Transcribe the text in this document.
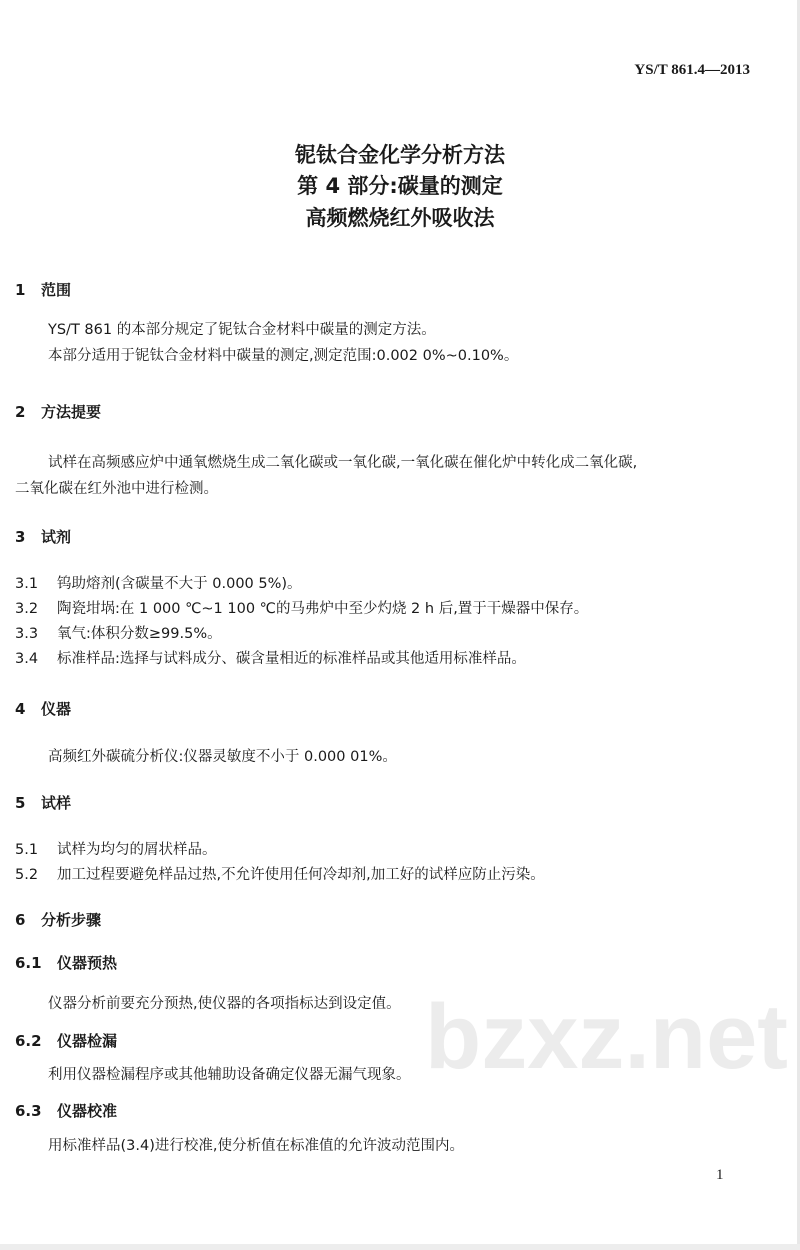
YS/T 861.4—2013
铌钛合金化学分析方法
第 4 部分:碳量的测定
高频燃烧红外吸收法
1 范围
YS/T 861 的本部分规定了铌钛合金材料中碳量的测定方法。
本部分适用于铌钛合金材料中碳量的测定,测定范围:0.002 0%~0.10%。
2 方法提要
试样在高频感应炉中通氧燃烧生成二氧化碳或一氧化碳,一氧化碳在催化炉中转化成二氧化碳,
二氧化碳在红外池中进行检测。
3 试剂
3.1 钨助熔剂(含碳量不大于 0.000 5%)。
3.2 陶瓷坩埚:在 1 000 ℃~1 100 ℃的马弗炉中至少灼烧 2 h 后,置于干燥器中保存。
3.3 氧气:体积分数≥99.5%。
3.4 标准样品:选择与试料成分、碳含量相近的标准样品或其他适用标准样品。
4 仪器
高频红外碳硫分析仪:仪器灵敏度不小于 0.000 01%。
5 试样
5.1 试样为均匀的屑状样品。
5.2 加工过程要避免样品过热,不允许使用任何冷却剂,加工好的试样应防止污染。
6 分析步骤
6.1 仪器预热
仪器分析前要充分预热,使仪器的各项指标达到设定值。 bzxz.net
6.2 仪器检漏
利用仪器检漏程序或其他辅助设备确定仪器无漏气现象。
6.3 仪器校准
用标准样品(3.4)进行校准,使分析值在标准值的允许波动范围内。
1
